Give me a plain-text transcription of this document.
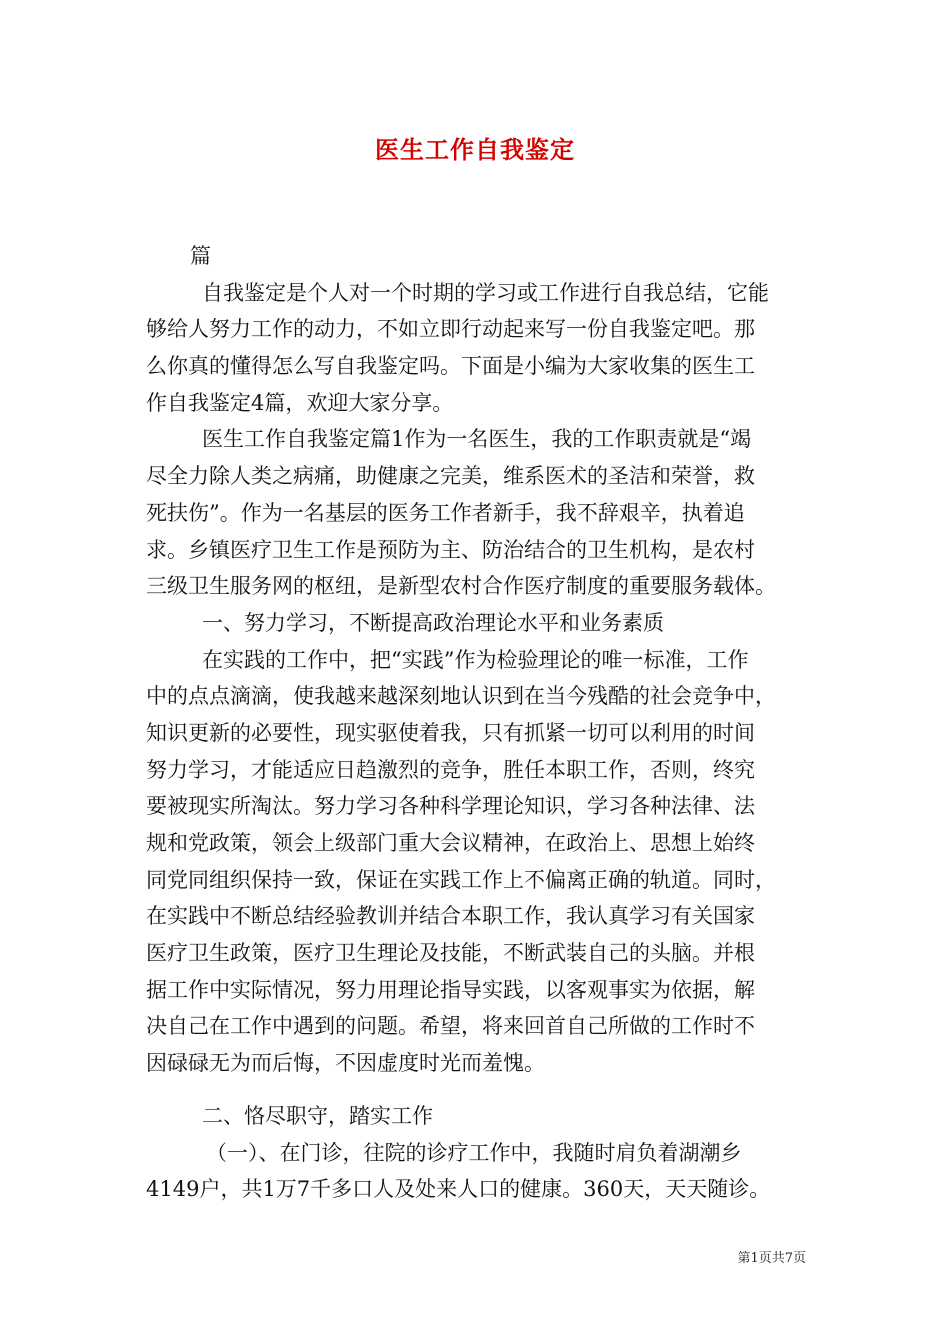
医生工作自我鉴定
篇
自我鉴定是个人对一个时期的学习或工作进行自我总结，它能
够给人努力工作的动力，不如立即行动起来写一份自我鉴定吧。那
么你真的懂得怎么写自我鉴定吗。下面是小编为大家收集的医生工
作自我鉴定4篇，欢迎大家分享。
医生工作自我鉴定篇1作为一名医生，我的工作职责就是“竭
尽全力除人类之病痛，助健康之完美，维系医术的圣洁和荣誉，救
死扶伤”。作为一名基层的医务工作者新手，我不辞艰辛，执着追
求。乡镇医疗卫生工作是预防为主、防治结合的卫生机构，是农村
三级卫生服务网的枢纽，是新型农村合作医疗制度的重要服务载体。
一、努力学习，不断提高政治理论水平和业务素质
在实践的工作中，把“实践”作为检验理论的唯一标准，工作
中的点点滴滴，使我越来越深刻地认识到在当今残酷的社会竞争中，
知识更新的必要性，现实驱使着我，只有抓紧一切可以利用的时间
努力学习，才能适应日趋激烈的竞争，胜任本职工作，否则，终究
要被现实所淘汰。努力学习各种科学理论知识，学习各种法律、法
规和党政策，领会上级部门重大会议精神，在政治上、思想上始终
同党同组织保持一致，保证在实践工作上不偏离正确的轨道。同时，
在实践中不断总结经验教训并结合本职工作，我认真学习有关国家
医疗卫生政策，医疗卫生理论及技能，不断武装自己的头脑。并根
据工作中实际情况，努力用理论指导实践，以客观事实为依据，解
决自己在工作中遇到的问题。希望，将来回首自己所做的工作时不
因碌碌无为而后悔，不因虚度时光而羞愧。
二、恪尽职守，踏实工作
（一）、在门诊，往院的诊疗工作中，我随时肩负着湖潮乡
4149户，共1万7千多口人及处来人口的健康。360天，天天随诊。
第1页共7页
